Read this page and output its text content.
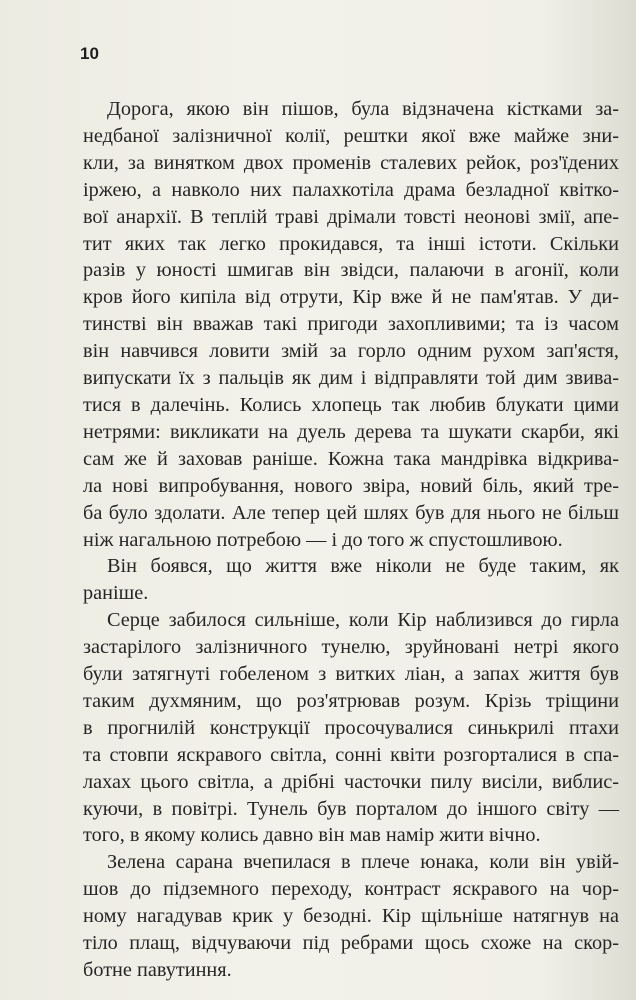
10
Дорога, якою він пішов, була відзначена кістками за-
недбаної залізничної колії, рештки якої вже майже зни-
кли, за винятком двох променів сталевих рейок, роз'їдених
іржею, а навколо них палахкотіла драма безладної квітко-
вої анархії. В теплій траві дрімали товсті неонові змії, апе-
тит яких так легко прокидався, та інші істоти. Скільки
разів у юності шмигав він звідси, палаючи в агонії, коли
кров його кипіла від отрути, Кір вже й не пам'ятав. У ди-
тинстві він вважав такі пригоди захопливими; та із часом
він навчився ловити змій за горло одним рухом зап'ястя,
випускати їх з пальців як дим і відправляти той дим звива-
тися в далечінь. Колись хлопець так любив блукати цими
нетрями: викликати на дуель дерева та шукати скарби, які
сам же й заховав раніше. Кожна така мандрівка відкрива-
ла нові випробування, нового звіра, новий біль, який тре-
ба було здолати. Але тепер цей шлях був для нього не більш
ніж нагальною потребою — і до того ж спустошливою.
Він боявся, що життя вже ніколи не буде таким, як
раніше.
Серце забилося сильніше, коли Кір наблизився до гирла
застарілого залізничного тунелю, зруйновані нетрі якого
були затягнуті гобеленом з витких ліан, а запах життя був
таким духмяним, що роз'ятрював розум. Крізь тріщини
в прогнилій конструкції просочувалися синькрилі птахи
та стовпи яскравого світла, сонні квіти розгорталися в спа-
лахах цього світла, а дрібні часточки пилу висіли, виблис-
куючи, в повітрі. Тунель був порталом до іншого світу —
того, в якому колись давно він мав намір жити вічно.
Зелена сарана вчепилася в плече юнака, коли він увій-
шов до підземного переходу, контраст яскравого на чор-
ному нагадував крик у безодні. Кір щільніше натягнув на
тіло плащ, відчуваючи під ребрами щось схоже на скор-
ботне павутиння.
